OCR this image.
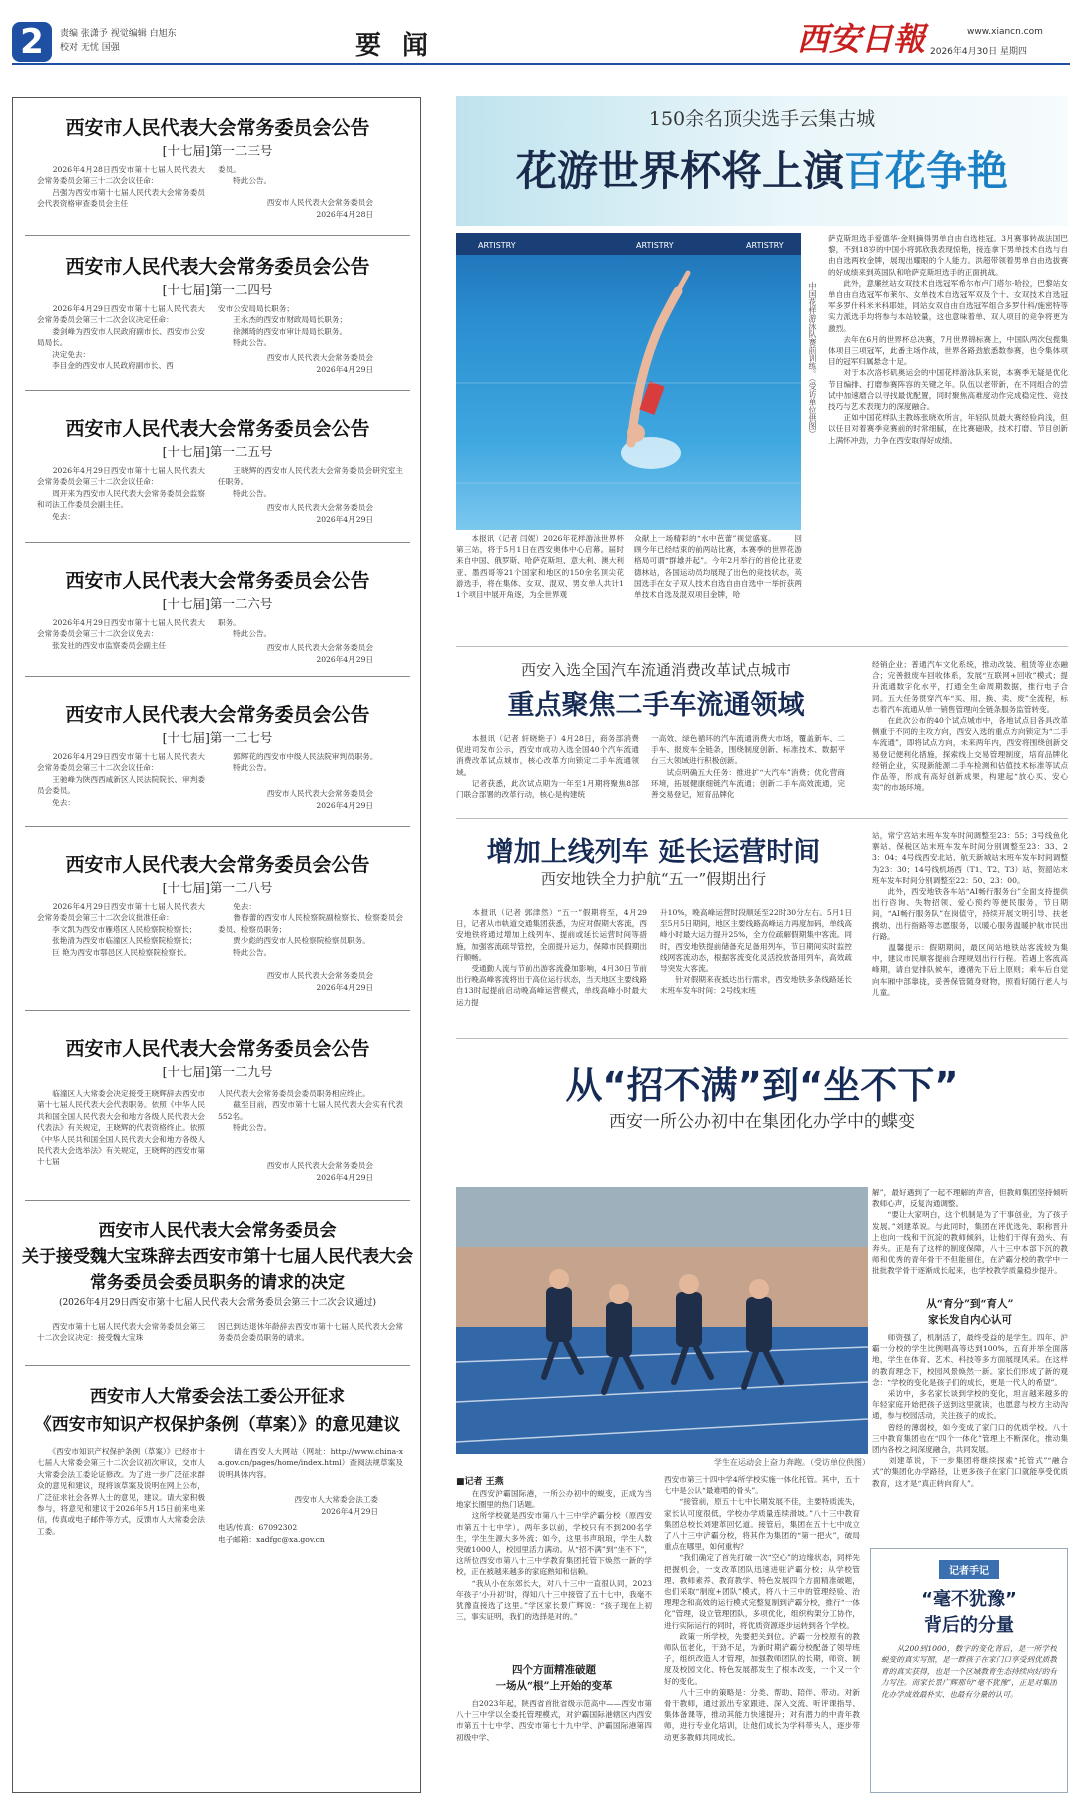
2	责编 张潇予 视觉编辑 白旭东
校对 无忧 国强	要 闻	西安日報	www.xiancn.com
2026年4月30日 星期四
西安市人民代表大会常务委员会公告
[十七届]第一二三号
　　2026年4月28日西安市第十七届人民代表大会常务委员会第三十二次会议任命：
　　吕强为西安市第十七届人民代表大会常务委员会代表资格审查委员会主任
委员。
　　特此公告。
西安市人民代表大会常务委员会
2026年4月28日
西安市人民代表大会常务委员会公告
[十七届]第一二四号
　　2026年4月29日西安市第十七届人民代表大会常务委员会第三十二次会议决定任命：
　　娄剑峰为西安市人民政府副市长、西安市公安局局长。
　　决定免去：
　　李目金的西安市人民政府副市长、西
安市公安局局长职务；
　　王永杰的西安市财政局局长职务；
　　徐渊琦的西安市审计局局长职务。
　　特此公告。
西安市人民代表大会常务委员会
2026年4月29日
西安市人民代表大会常务委员会公告
[十七届]第一二五号
　　2026年4月29日西安市第十七届人民代表大会常务委员会第三十二次会议任命：
　　周开来为西安市人民代表大会常务委员会监察和司法工作委员会副主任。
　　免去：
　　王晓辉的西安市人民代表大会常务委员会研究室主任职务。
　　特此公告。
西安市人民代表大会常务委员会
2026年4月29日
西安市人民代表大会常务委员会公告
[十七届]第一二六号
　　2026年4月29日西安市第十七届人民代表大会常务委员会第三十二次会议免去：
　　张发社的西安市监察委员会副主任
职务。
　　特此公告。
西安市人民代表大会常务委员会
2026年4月29日
西安市人民代表大会常务委员会公告
[十七届]第一二七号
　　2026年4月29日西安市第十七届人民代表大会常务委员会第三十二次会议任命：
　　王驰峰为陕西西咸新区人民法院院长、审判委员会委员。
　　免去：
　　郭辉花的西安市中级人民法院审判员职务。
　　特此公告。
西安市人民代表大会常务委员会
2026年4月29日
西安市人民代表大会常务委员会公告
[十七届]第一二八号
　　2026年4月29日西安市第十七届人民代表大会常务委员会第三十二次会议批准任命：
　　李文凯为西安市雁塔区人民检察院检察长；
　　张艳清为西安市临潼区人民检察院检察长；
　　巨 艳为西安市鄠邑区人民检察院检察长。
　　免去：
　　鲁春蕾的西安市人民检察院副检察长、检察委员会委员、检察员职务；
　　贾少彪的西安市人民检察院检察员职务。
　　特此公告。
西安市人民代表大会常务委员会
2026年4月29日
西安市人民代表大会常务委员会公告
[十七届]第一二九号
　　临潼区人大常委会决定接受王晓辉辞去西安市第十七届人民代表大会代表职务。依照《中华人民共和国全国人民代表大会和地方各级人民代表大会代表法》有关规定，王晓辉的代表资格终止。依照《中华人民共和国全国人民代表大会和地方各级人民代表大会选举法》有关规定，王晓辉的西安市第十七届
人民代表大会常务委员会委员职务相应终止。
　　截至目前，西安市第十七届人民代表大会实有代表552名。
　　特此公告。
西安市人民代表大会常务委员会
2026年4月29日
西安市人民代表大会常务委员会
关于接受魏大宝珠辞去西安市第十七届人民代表大会
常务委员会委员职务的请求的决定
(2026年4月29日西安市第十七届人民代表大会常务委员会第三十二次会议通过)
　　西安市第十七届人民代表大会常务委员会第三十二次会议决定：接受魏大宝珠
因已到达退休年龄辞去西安市第十七届人民代表大会常务委员会委员职务的请求。
西安市人大常委会法工委公开征求
《西安市知识产权保护条例（草案）》的意见建议
　　《西安市知识产权保护条例（草案）》已经市十七届人大常委会第三十二次会议初次审议，交市人大常委会法工委论证修改。为了进一步广泛征求群众的意见和建议，现将该草案及说明在网上公布，广泛征求社会各界人士的意见，建议。请大家积极参与，将意见和建议于2026年5月15日前来电来信，传真或电子邮件等方式，反馈市人大常委会法工委。
　　请在西安人大网站（网址：http://www.china-xa.gov.cn/pages/home/index.html）查阅法规草案及说明具体内容。
西安市人大常委会法工委
2026年4月29日
电话/传真：67092302
电子邮箱：xadfgc@xa.gov.cn
150余名顶尖选手云集古城
花游世界杯将上演百花争艳
ARTISTRY	ARTISTRY	ARTISTRY
中国花样游泳队赛前训练。（受访单位供图）
　　本报讯（记者 闫妮）2026年花样游泳世界杯第三站，将于5月1日在西安奥体中心启幕。届时来自中国、俄罗斯、哈萨克斯坦、意大利、澳大利亚、墨西哥等21个国家和地区的150余名顶尖花游选手，将在集体、女双、混双、男女单人共计11个项目中展开角逐，为全世界观
众献上一场精彩的“水中芭蕾”视觉盛宴。 　　回顾今年已经结束的前两站比赛，本赛季的世界花游格局可谓“群雄并起”。今年2月举行的首伦比亚麦德林站，各国运动员均展现了出色的竞技状态，英国选手在女子双人技术自选自由自选中一举折获两单技术自选及混双项目金牌，哈
萨克斯坦选手爱德华·金则摘得男单自由自选桂冠。3月赛事转战法国巴黎，不到18岁的中国小将郭欣我表现惊艳，接连拿下男单技术自选与自由自选两枚金牌，展现出耀眼的个人能力。洪超带领着男单自由选拔赛的好成绩来到英国队和哈萨克斯坦选手的正面挑战。
　　此外，意廉丝站女双技术自选冠军希尔布卢门塔尔·哈拉，巴黎站女单自由自选冠军布莱尔、女单技术自选冠军双及个十、女双技术自选冠军多罗什科米米科耶娃，同站女双自由自选冠军组合多罗什科/施密特等实力派选手均将参与本站较量，这也意味着单、双人项目的竞争将更为激烈。
　　去年在6月的世界杯总决赛，7月世界锦标赛上，中国队两次包揽集体项目三项冠军，此番主场作战，世界各路劲旅悉数参赛，也令集体项目的冠军归属悬念十足。
　　对于本次洛杉矶奥运会的中国花样游泳队来说，本赛季无疑是优化节目编排、打磨参赛阵容的关键之年。队伍以老带新，在不同组合的尝试中加速磨合以寻找最优配置，同时聚焦高难度动作完成稳定性、竞技技巧与艺术表现力的深度融合。
　　正如中国花样队主教练张晓欢所言，年轻队员最大赛经验尚浅，但以任目对着赛季竞赛前的时常细腻，在比赛磁吸，技术打磨、节目创新上满怀冲劲，力争在西安取得好成绩。
西安入选全国汽车流通消费改革试点城市
重点聚焦二手车流通领域
　　本报讯（记者 轩晓艳子）4月28日，商务部消费促进司发布公示，西安市成功入选全国40个汽车流通消费改革试点城市，核心改革方向锁定二手车流通领域。
　　记者获悉，此次试点期为一年至1月期将聚焦8部门联合部署的改革行动，核心是构建统
一高效、绿色循环的汽车流通消费大市场，覆盖新车、二手车、报废车全链条，围绕制度创新、标准技术、数据平台三大领域进行积极创新。
　　试点明确五大任务：推进扩“大汽车”消费；优化营商环境，拓展健康细链汽车流通；创新二手车高效流通，完善交易登记，短育品牌化
经销企业；普通汽车文化系统，推动改装、租赁等业态融合；完善报废车回收体系，发展“互联网+回收”模式；提升流通数字化水平，打通全生命周期数据，推行电子合同。五大任务贯穿汽车“买、用、换、卖、废”全流程，标志着汽车流通从单一销售管理向全链条服务监管转变。
　　在此次公布的40个试点城市中，各地试点目各具改革侧重于不同的主攻方向，西安入选的重点方向锁定为“二手车流通”，即将试点方向，未来两年内，西安将围绕创新交易登记便利化措施，探索线上交易管理制度，培育品牌化经销企业，实现新能源二手车检测和估值技术标准等试点作品等，形成有高好创新成果，构建起“放心买、安心卖”的市场环境。
增加上线列车 延长运营时间
西安地铁全力护航“五一”假期出行
　　本报讯（记者 郭津然）“五一”假期将至，4月29日，记者从市轨道交通集团获悉，为应对假期大客流，西安地铁将通过增加上线列车、提前或延长运营时间等措施，加强客流疏导管控，全面提升运力，保障市民假期出行顺畅。
　　受通勤人流与节前出游客流叠加影响，4月30日节前出行晚高峰客流将出于高位运行状态，当天地区主要线路自13时起提前启动晚高峰运营模式，单线高峰小时最大运力提
升10%，晚高峰运营时段顺延至22时30分左右。5月1日至5月5日期间，地区主要线路高峰运力再度加码，单线高峰小时最大运力提升25%，全方位疏解假期集中客流。同时，西安地铁提前储备充足备用列车，节日期间实时监控线网客流动态，根据客流变化灵活投放备用列车，高效疏导突发大客流。
　　针对假期来夜抵达出行需求，西安地铁多条线路延长末班车发车时间：2号线末班
站，常宁宫站末班车发车时间调整至23：55；3号线鱼化寨站、保税区站末班车发车时间分别调整至23：33、23：04；4号线西安北站、航天新城站末班车发车时间调整为23：30；14号线机场西（T1、T2、T3）站，贺韶站末班车发车时间分别调整至22：50、23：00。
　　此外，西安地铁各车站“AI畅行服务台”全面支持提供出行咨询、失物招领、爱心预约等便民服务，节日期间，“AI畅行服务队”在岗值守，持续开展文明引导、扶老携幼、出行指路等志愿服务，以暖心服务温暖护航市民出行路。
　　温馨提示：假期期间，最区间站地铁站客流较为集中，建议市民顺客提前合理规划出行行程。若遇上客流高峰期，请自觉排队候车，遵循先下后上原则；乘车后自觉向车厢中部靠拢，妥善保管随身财物，照看好随行老人与儿童。
从“招不满”到“坐不下”
西安一所公办初中在集团化办学中的蝶变
学生在运动会上奋力奔跑。（受访单位供图）
解”，最好遇到了一起不理解的声音，但教师集团坚持倾听教师心声，反复沟通调整。
　　“要让大家明白，这个机制是为了干事创业，为了孩子发展。”刘建革说。与此同时，集团在评优选先、职称晋升上也向一线和干沉淀的教师倾斜，让他们干得有劲头、有奔头。正是有了这样的制度保障，八十三中本部下沉的教师和优秀的青年骨干不但能留住，在浐霸分校的教学中一批批教学骨干逐渐成长起来，也学校教学质量稳步提升。
从“育分”到“育人”
家长发自内心认可
　　师资强了，机制活了，最终受益的是学生。四年、沪霸一分校的学生比例唱高等达到100%，五育并举全面落地，学生在体育、艺术、科技等多方面展现风采。在这样的教育理念下，校园风景焕然一新。家长们形成了新的观念：“学校的变化是孩子们的成长，更是一代人的希望”。
　　采访中，多名家长谈到学校的变化，坦言越来越多的年轻家庭开始把孩子送到这里就读，也愿意与校方主动沟通，参与校园活动，关注孩子的成长。
　　曾经的薄弱校，如今变成了家门口的优质学校。八十三中教育集团也在“四个一体化”管理上不断深化，推动集团内各校之间深度融合，共同发展。
　　刘建革说，下一步集团将继续探索“托管式”“融合式”的集团化办学路径，让更多孩子在家门口就能享受优质教育，这才是“真正转向育人”。
■记者 王燕
　　在西安沪霸国际港，一所公办初中的蜕变，正成为当地家长圈里的热门话题。
　　这所学校就是西安市第八十三中学浐霸分校（原西安市第五十七中学）。两年多以前，学校只有不到200名学生，学生生源大多外流；如今，这里书声琅琅，学生人数突破1000人，校园里活力满动。从“招不满”到“坐不下”，这所位西安市第八十三中学教育集团托管下焕然一新的学校，正在被越来越多的家庭熟知和信赖。
　　“我从小在东郊长大，对八十三中一直很认同，2023年孩子‘小升初’时，得知八十三中接管了五十七中，我毫不犹豫直接选了这里。”学区家长景广辉说：“孩子现在上初三，事实证明，我们的选择是对的。”
四个方面精准破题
一场从“根”上开始的变革
　　自2023年起，陕西省首批省级示范高中——西安市第八十三中学以全委托管理模式，对沪霸国际港辖区内西安市第五十七中学、西安市第七十九中学、沪霸国际港第四初级中学、
西安市第三十四中学4所学校实施一体化托管。其中，五十七中是公认“最难啃的骨头”。
　　“接管前，原五十七中长期发展不佳，主要特质流失，家长认可度很低，学校办学质量连续滑坡。”八十三中教育集团总校长刘建革回忆道。接管后，集团在五十七中成立了八十三中浐霸分校，将其作为集团的“第一把火”，破局重点在哪里，如何重构？
　　“我们确定了首先打破一次“空心”的边缘状态，同样先把握机会，一支改革团队迅速进驻浐霸分校；从学校管理、教师素养、教育教学、特色发展四个方面精准破题，也们采取“制度+团队”模式，将八十三中的管理经验、治理理念和高效的运行模式完整复制到浐霸分校，推行“一体化”管理，设立管理团队，多项优化，组织构架分工协作，进行实际运行的同时，将优质资源逐步运转到各个学校。
　　政策一所学校，先要把关到位。浐霸一分校原有的教师队伍老化，干劲不足，为新时期浐霸分校配备了领导班子，组织改造人才管理，加强教师团队的长期，师资、制度及校园文化、特色发展都发生了根本改变，一个又一个好的变化。
　　八十三中的策略是：分类、帮助、陪伴、带动。对新骨干教师，通过派出专家跟进、深入交流、听评课指导、集体备课等，推动其能力快速提升；对有潜力的中青年教师，进行专业化培训，让他们成长为学科带头人，逐步带动更多教师共同成长。
记者手记
“毫不犹豫”
背后的分量
　　从200到1000，数字的变化背后，是一所学校蜕变的真实写照，是一群孩子在家门口享受到优质教育的真实获得，也是一个区域教育生态持续向好的有力写注。而家长景广辉那句“毫不犹豫”，正是对集团化办学成效最朴实、也最有分量的认可。
